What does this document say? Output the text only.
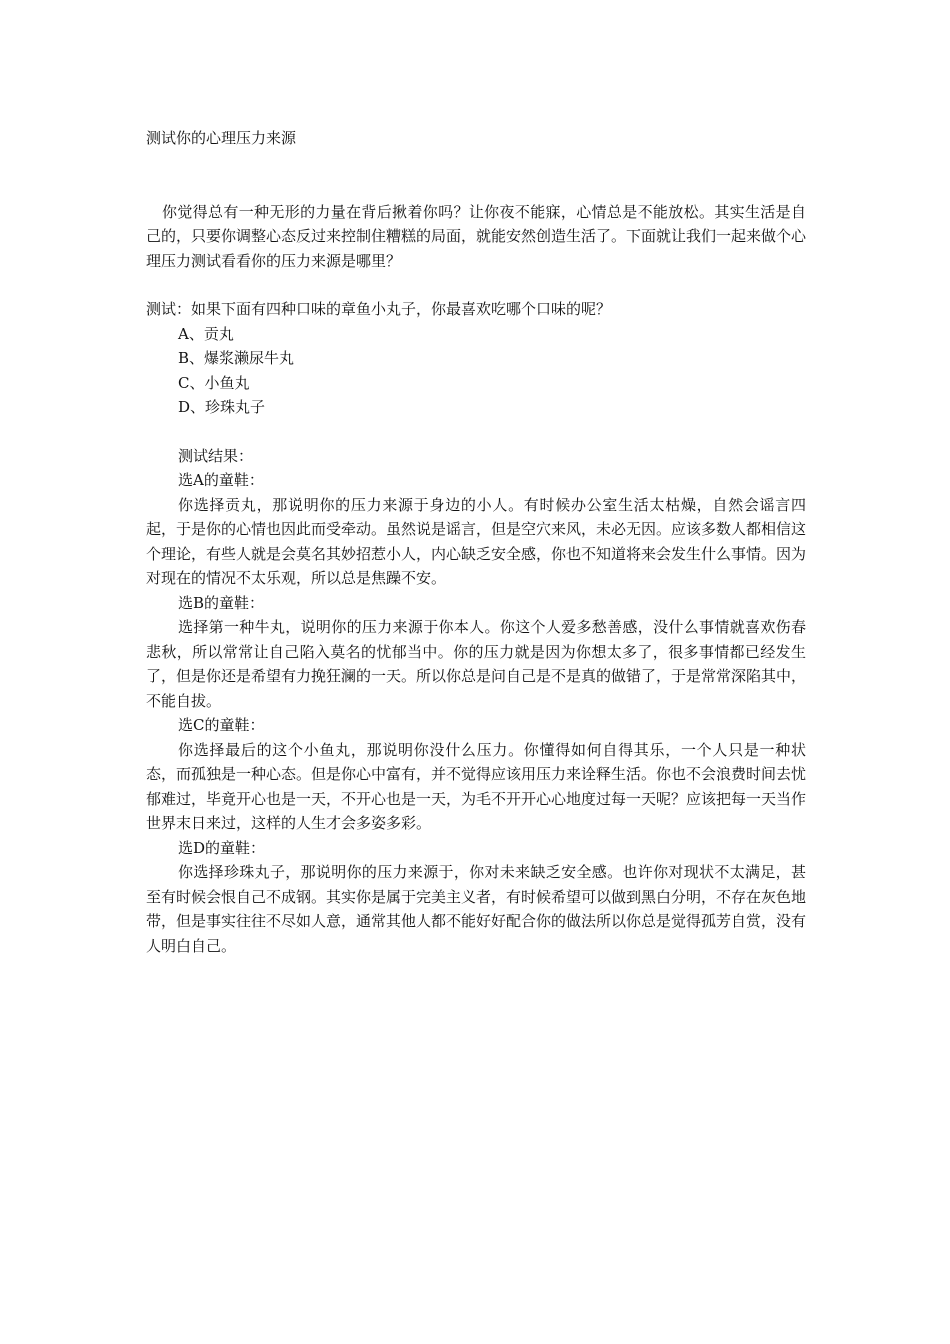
测试你的心理压力来源

你觉得总有一种无形的力量在背后揪着你吗？让你夜不能寐，心情总是不能放松。其实生活是自己的，只要你调整心态反过来控制住糟糕的局面，就能安然创造生活了。下面就让我们一起来做个心理压力测试看看你的压力来源是哪里？

测试：如果下面有四种口味的章鱼小丸子，你最喜欢吃哪个口味的呢？

A、贡丸
B、爆浆濑尿牛丸
C、小鱼丸
D、珍珠丸子

测试结果：

选A的童鞋：

你选择贡丸，那说明你的压力来源于身边的小人。有时候办公室生活太枯燥，自然会谣言四起，于是你的心情也因此而受牵动。虽然说是谣言，但是空穴来风，未必无因。应该多数人都相信这个理论，有些人就是会莫名其妙招惹小人，内心缺乏安全感，你也不知道将来会发生什么事情。因为对现在的情况不太乐观，所以总是焦躁不安。

选B的童鞋：

选择第一种牛丸，说明你的压力来源于你本人。你这个人爱多愁善感，没什么事情就喜欢伤春悲秋，所以常常让自己陷入莫名的忧郁当中。你的压力就是因为你想太多了，很多事情都已经发生了，但是你还是希望有力挽狂澜的一天。所以你总是问自己是不是真的做错了，于是常常深陷其中，不能自拔。

选C的童鞋：

你选择最后的这个小鱼丸，那说明你没什么压力。你懂得如何自得其乐，一个人只是一种状态，而孤独是一种心态。但是你心中富有，并不觉得应该用压力来诠释生活。你也不会浪费时间去忧郁难过，毕竟开心也是一天，不开心也是一天，为毛不开开心心地度过每一天呢？应该把每一天当作世界末日来过，这样的人生才会多姿多彩。

选D的童鞋：

你选择珍珠丸子，那说明你的压力来源于，你对未来缺乏安全感。也许你对现状不太满足，甚至有时候会恨自己不成钢。其实你是属于完美主义者，有时候希望可以做到黑白分明，不存在灰色地带，但是事实往往不尽如人意，通常其他人都不能好好配合你的做法所以你总是觉得孤芳自赏，没有人明白自己。
